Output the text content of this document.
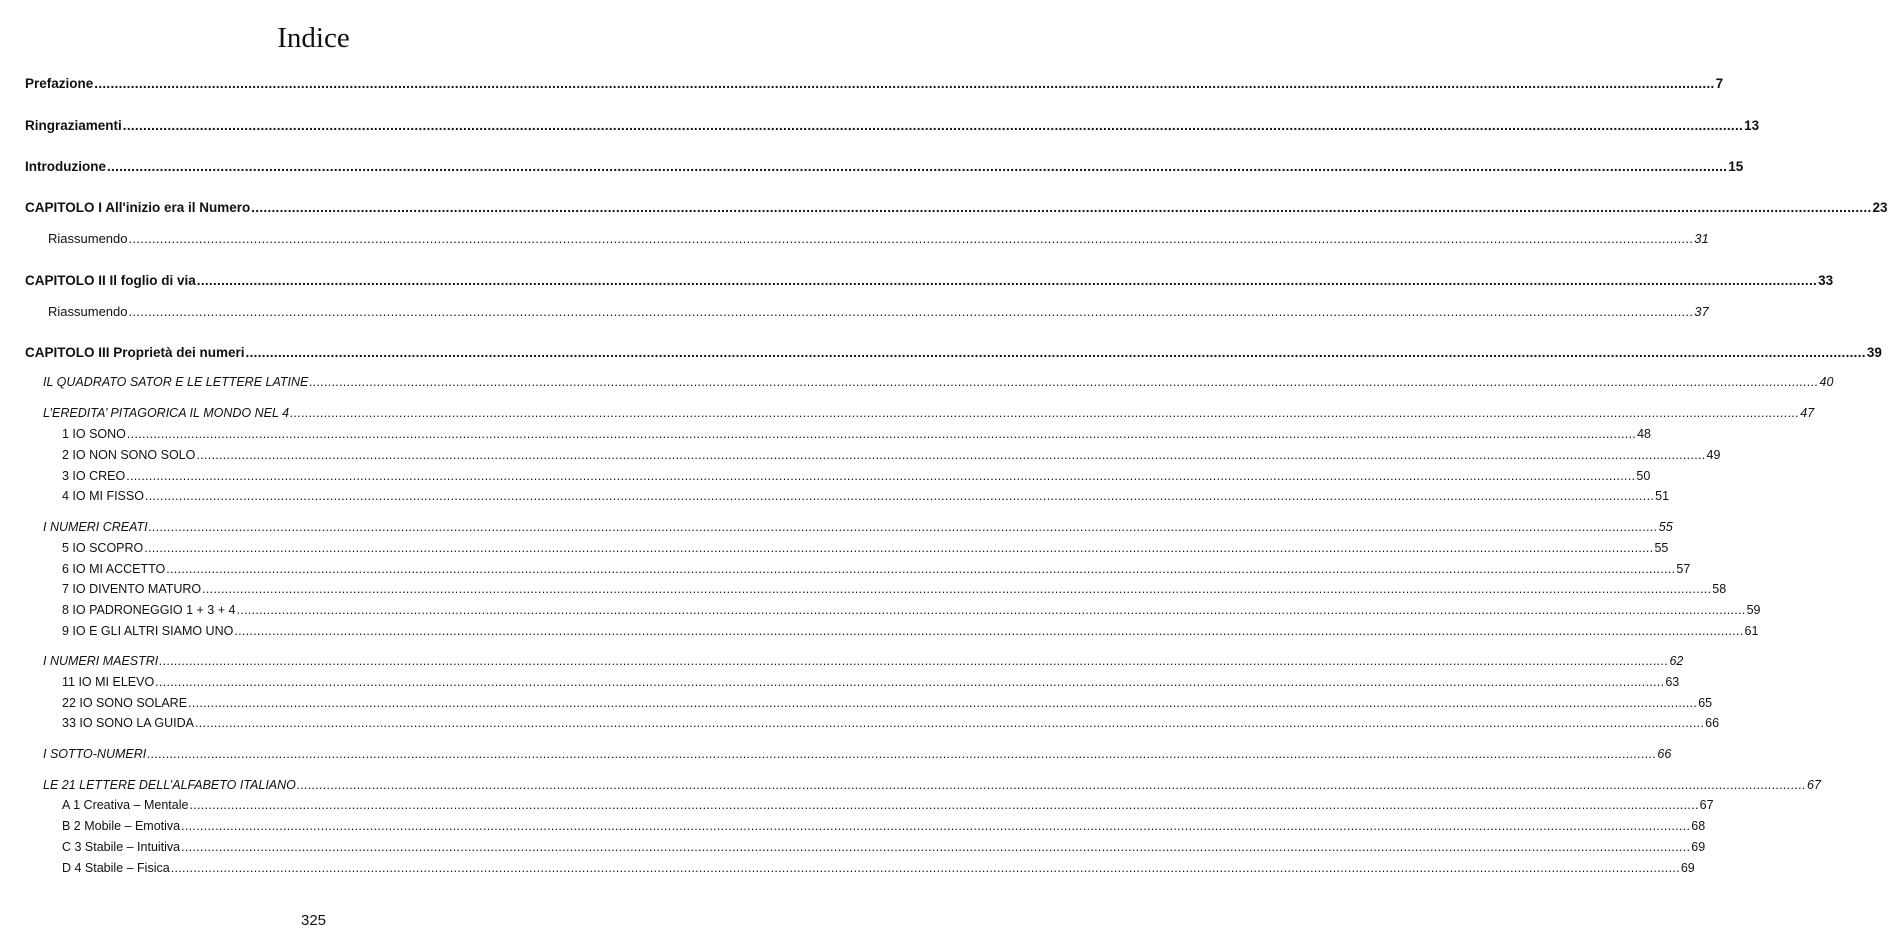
Indice
Prefazione ................................................................................................................................................................................................................................................................................................................................................................................................................ 7
Ringraziamenti ................................................................................................................................................................................................................................................................................................................................................................................................................ 13
Introduzione ................................................................................................................................................................................................................................................................................................................................................................................................................ 15
CAPITOLO I All'inizio era il Numero ................................................................................................................................................................................................................................................................................................................................................................................................................ 23
Riassumendo ................................................................................................................................................................................................................................................................................................................................................................................................................ 31
CAPITOLO II Il foglio di via ................................................................................................................................................................................................................................................................................................................................................................................................................ 33
Riassumendo ................................................................................................................................................................................................................................................................................................................................................................................................................ 37
CAPITOLO III Proprietà dei numeri ................................................................................................................................................................................................................................................................................................................................................................................................................ 39
IL QUADRATO SATOR E LE LETTERE LATINE ................................................................................................................................................................................................................................................................................................................................................................................................................ 40
L’EREDITA’ PITAGORICA IL MONDO NEL 4 ................................................................................................................................................................................................................................................................................................................................................................................................................ 47
1 IO SONO ................................................................................................................................................................................................................................................................................................................................................................................................................ 48
2 IO NON SONO SOLO ................................................................................................................................................................................................................................................................................................................................................................................................................ 49
3 IO CREO ................................................................................................................................................................................................................................................................................................................................................................................................................ 50
4 IO MI FISSO ................................................................................................................................................................................................................................................................................................................................................................................................................ 51
I NUMERI CREATI ................................................................................................................................................................................................................................................................................................................................................................................................................ 55
5 IO SCOPRO ................................................................................................................................................................................................................................................................................................................................................................................................................ 55
6 IO MI ACCETTO ................................................................................................................................................................................................................................................................................................................................................................................................................ 57
7 IO DIVENTO MATURO ................................................................................................................................................................................................................................................................................................................................................................................................................ 58
8 IO PADRONEGGIO 1 + 3 + 4 ................................................................................................................................................................................................................................................................................................................................................................................................................ 59
9 IO E GLI ALTRI SIAMO UNO ................................................................................................................................................................................................................................................................................................................................................................................................................ 61
I NUMERI MAESTRI ................................................................................................................................................................................................................................................................................................................................................................................................................ 62
11 IO MI ELEVO ................................................................................................................................................................................................................................................................................................................................................................................................................ 63
22 IO SONO SOLARE ................................................................................................................................................................................................................................................................................................................................................................................................................ 65
33 IO SONO LA GUIDA ................................................................................................................................................................................................................................................................................................................................................................................................................ 66
I SOTTO-NUMERI ................................................................................................................................................................................................................................................................................................................................................................................................................ 66
LE 21 LETTERE DELL’ALFABETO ITALIANO ................................................................................................................................................................................................................................................................................................................................................................................................................ 67
A 1 Creativa – Mentale ................................................................................................................................................................................................................................................................................................................................................................................................................ 67
B 2 Mobile – Emotiva ................................................................................................................................................................................................................................................................................................................................................................................................................ 68
C 3 Stabile – Intuitiva ................................................................................................................................................................................................................................................................................................................................................................................................................ 69
D 4 Stabile – Fisica ................................................................................................................................................................................................................................................................................................................................................................................................................ 69
325
